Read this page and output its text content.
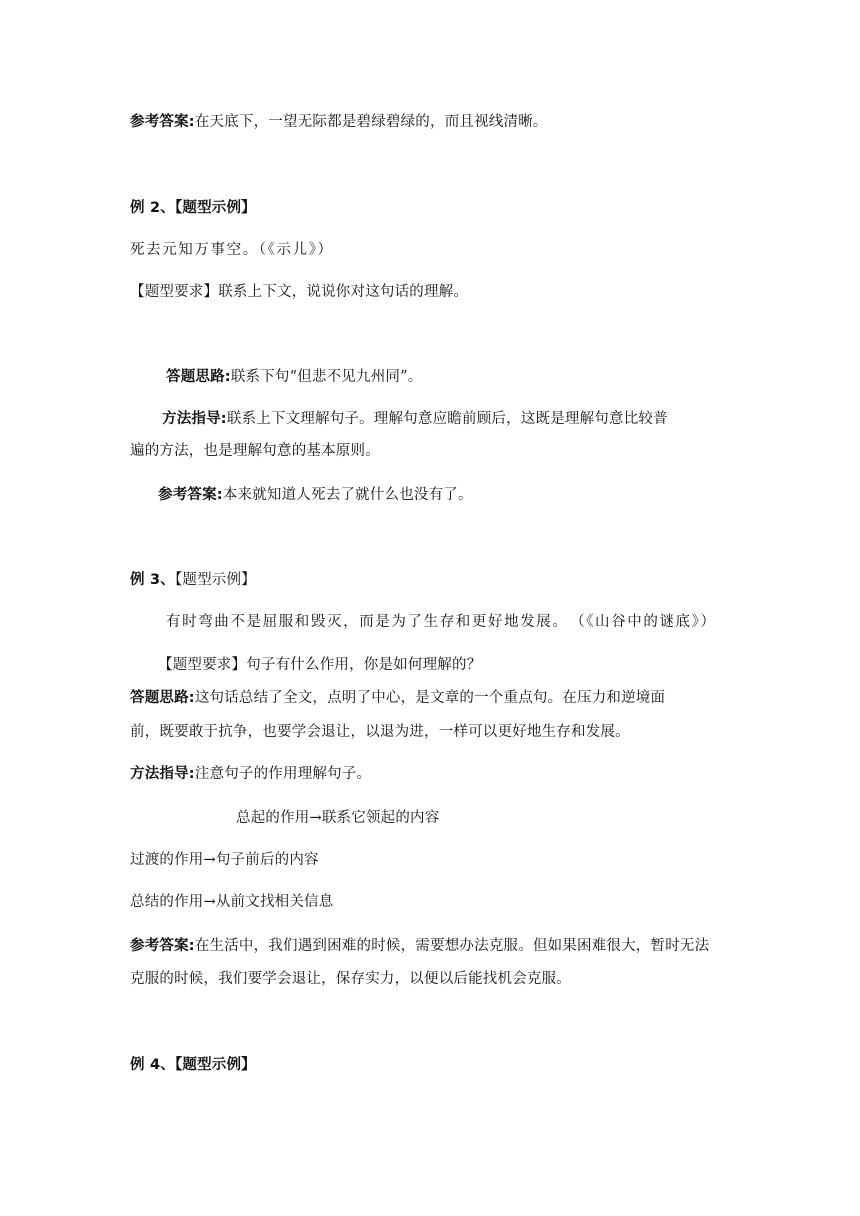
参考答案:在天底下，一望无际都是碧绿碧绿的，而且视线清晰。
例 2、【题型示例】
死去元知万事空。（《示儿》）
【题型要求】联系上下文，说说你对这句话的理解。
答题思路:联系下句“但悲不见九州同”。
方法指导:联系上下文理解句子。理解句意应瞻前顾后，这既是理解句意比较普
遍的方法，也是理解句意的基本原则。
参考答案:本来就知道人死去了就什么也没有了。
例 3、【题型示例】
有时弯曲不是屈服和毁灭，而是为了生存和更好地发展。　（《山谷中的谜底》）
【题型要求】句子有什么作用，你是如何理解的？
答题思路:这句话总结了全文，点明了中心，是文章的一个重点句。在压力和逆境面
前，既要敢于抗争，也要学会退让，以退为进，一样可以更好地生存和发展。
方法指导:注意句子的作用理解句子。
总起的作用→联系它领起的内容
过渡的作用→句子前后的内容
总结的作用→从前文找相关信息
参考答案:在生活中，我们遇到困难的时候，需要想办法克服。但如果困难很大，暂时无法
克服的时候，我们要学会退让，保存实力，以便以后能找机会克服。
例 4、【题型示例】
